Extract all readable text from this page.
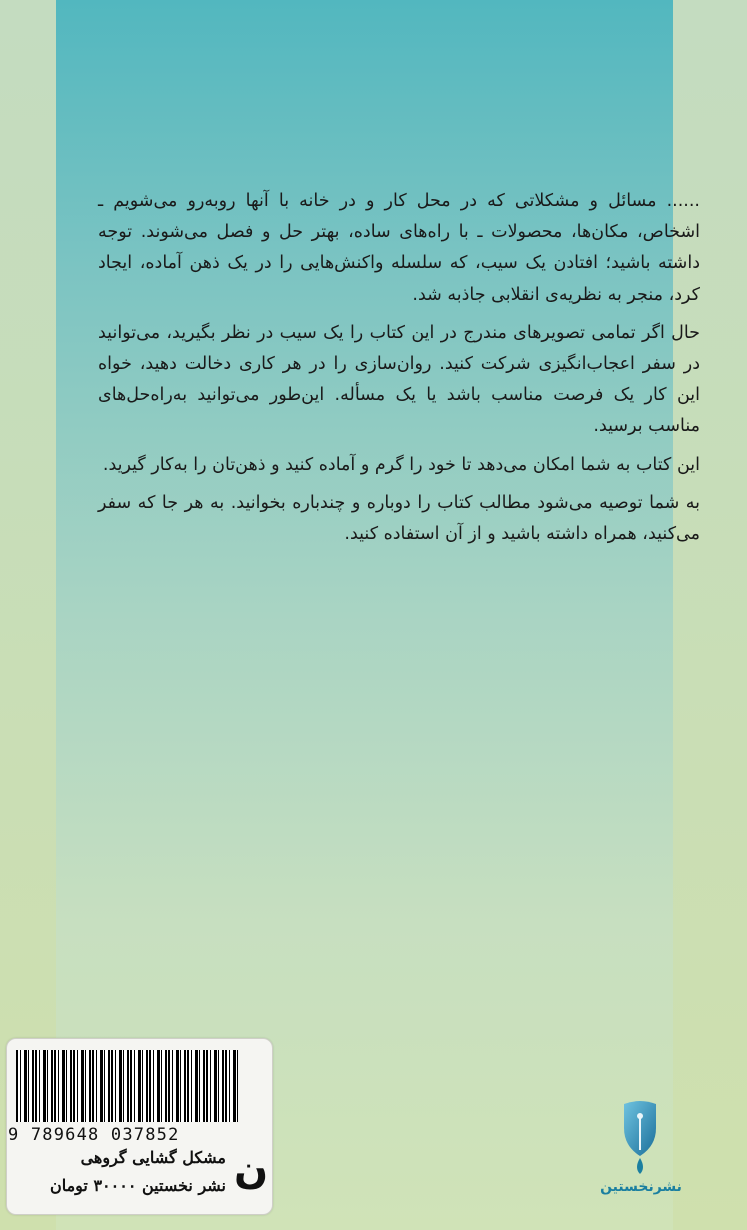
...... مسائل و مشکلاتی که در محل کار و در خانه با آنها روبه‌رو می‌شویم ـ اشخاص، مکان‌ها، محصولات ـ با راه‌های ساده، بهتر حل و فصل می‌شوند. توجه داشته باشید؛ افتادن یک سیب، که سلسله واکنش‌هایی را در یک ذهن آماده، ایجاد کرد، منجر به نظریه‌ی انقلابی جاذبه شد.

حال اگر تمامی تصویرهای مندرج در این کتاب را یک سیب در نظر بگیرید، می‌توانید در سفر اعجاب‌انگیزی شرکت کنید. روان‌سازی را در هر کاری دخالت دهید، خواه این کار یک فرصت مناسب باشد یا یک مسأله. این‌طور می‌توانید به‌راه‌حل‌های مناسب برسید.

این کتاب به شما امکان می‌دهد تا خود را گرم و آماده کنید و ذهن‌تان را به‌کار گیرید.

به شما توصیه می‌شود مطالب کتاب را دوباره و چندباره بخوانید. به هر جا که سفر می‌کنید، همراه داشته باشید و از آن استفاده کنید.

9 789648 037852
مشکل گشایی گروهی
نشر نخستین ۳۰۰۰۰ تومان ن	نشرنخستین
